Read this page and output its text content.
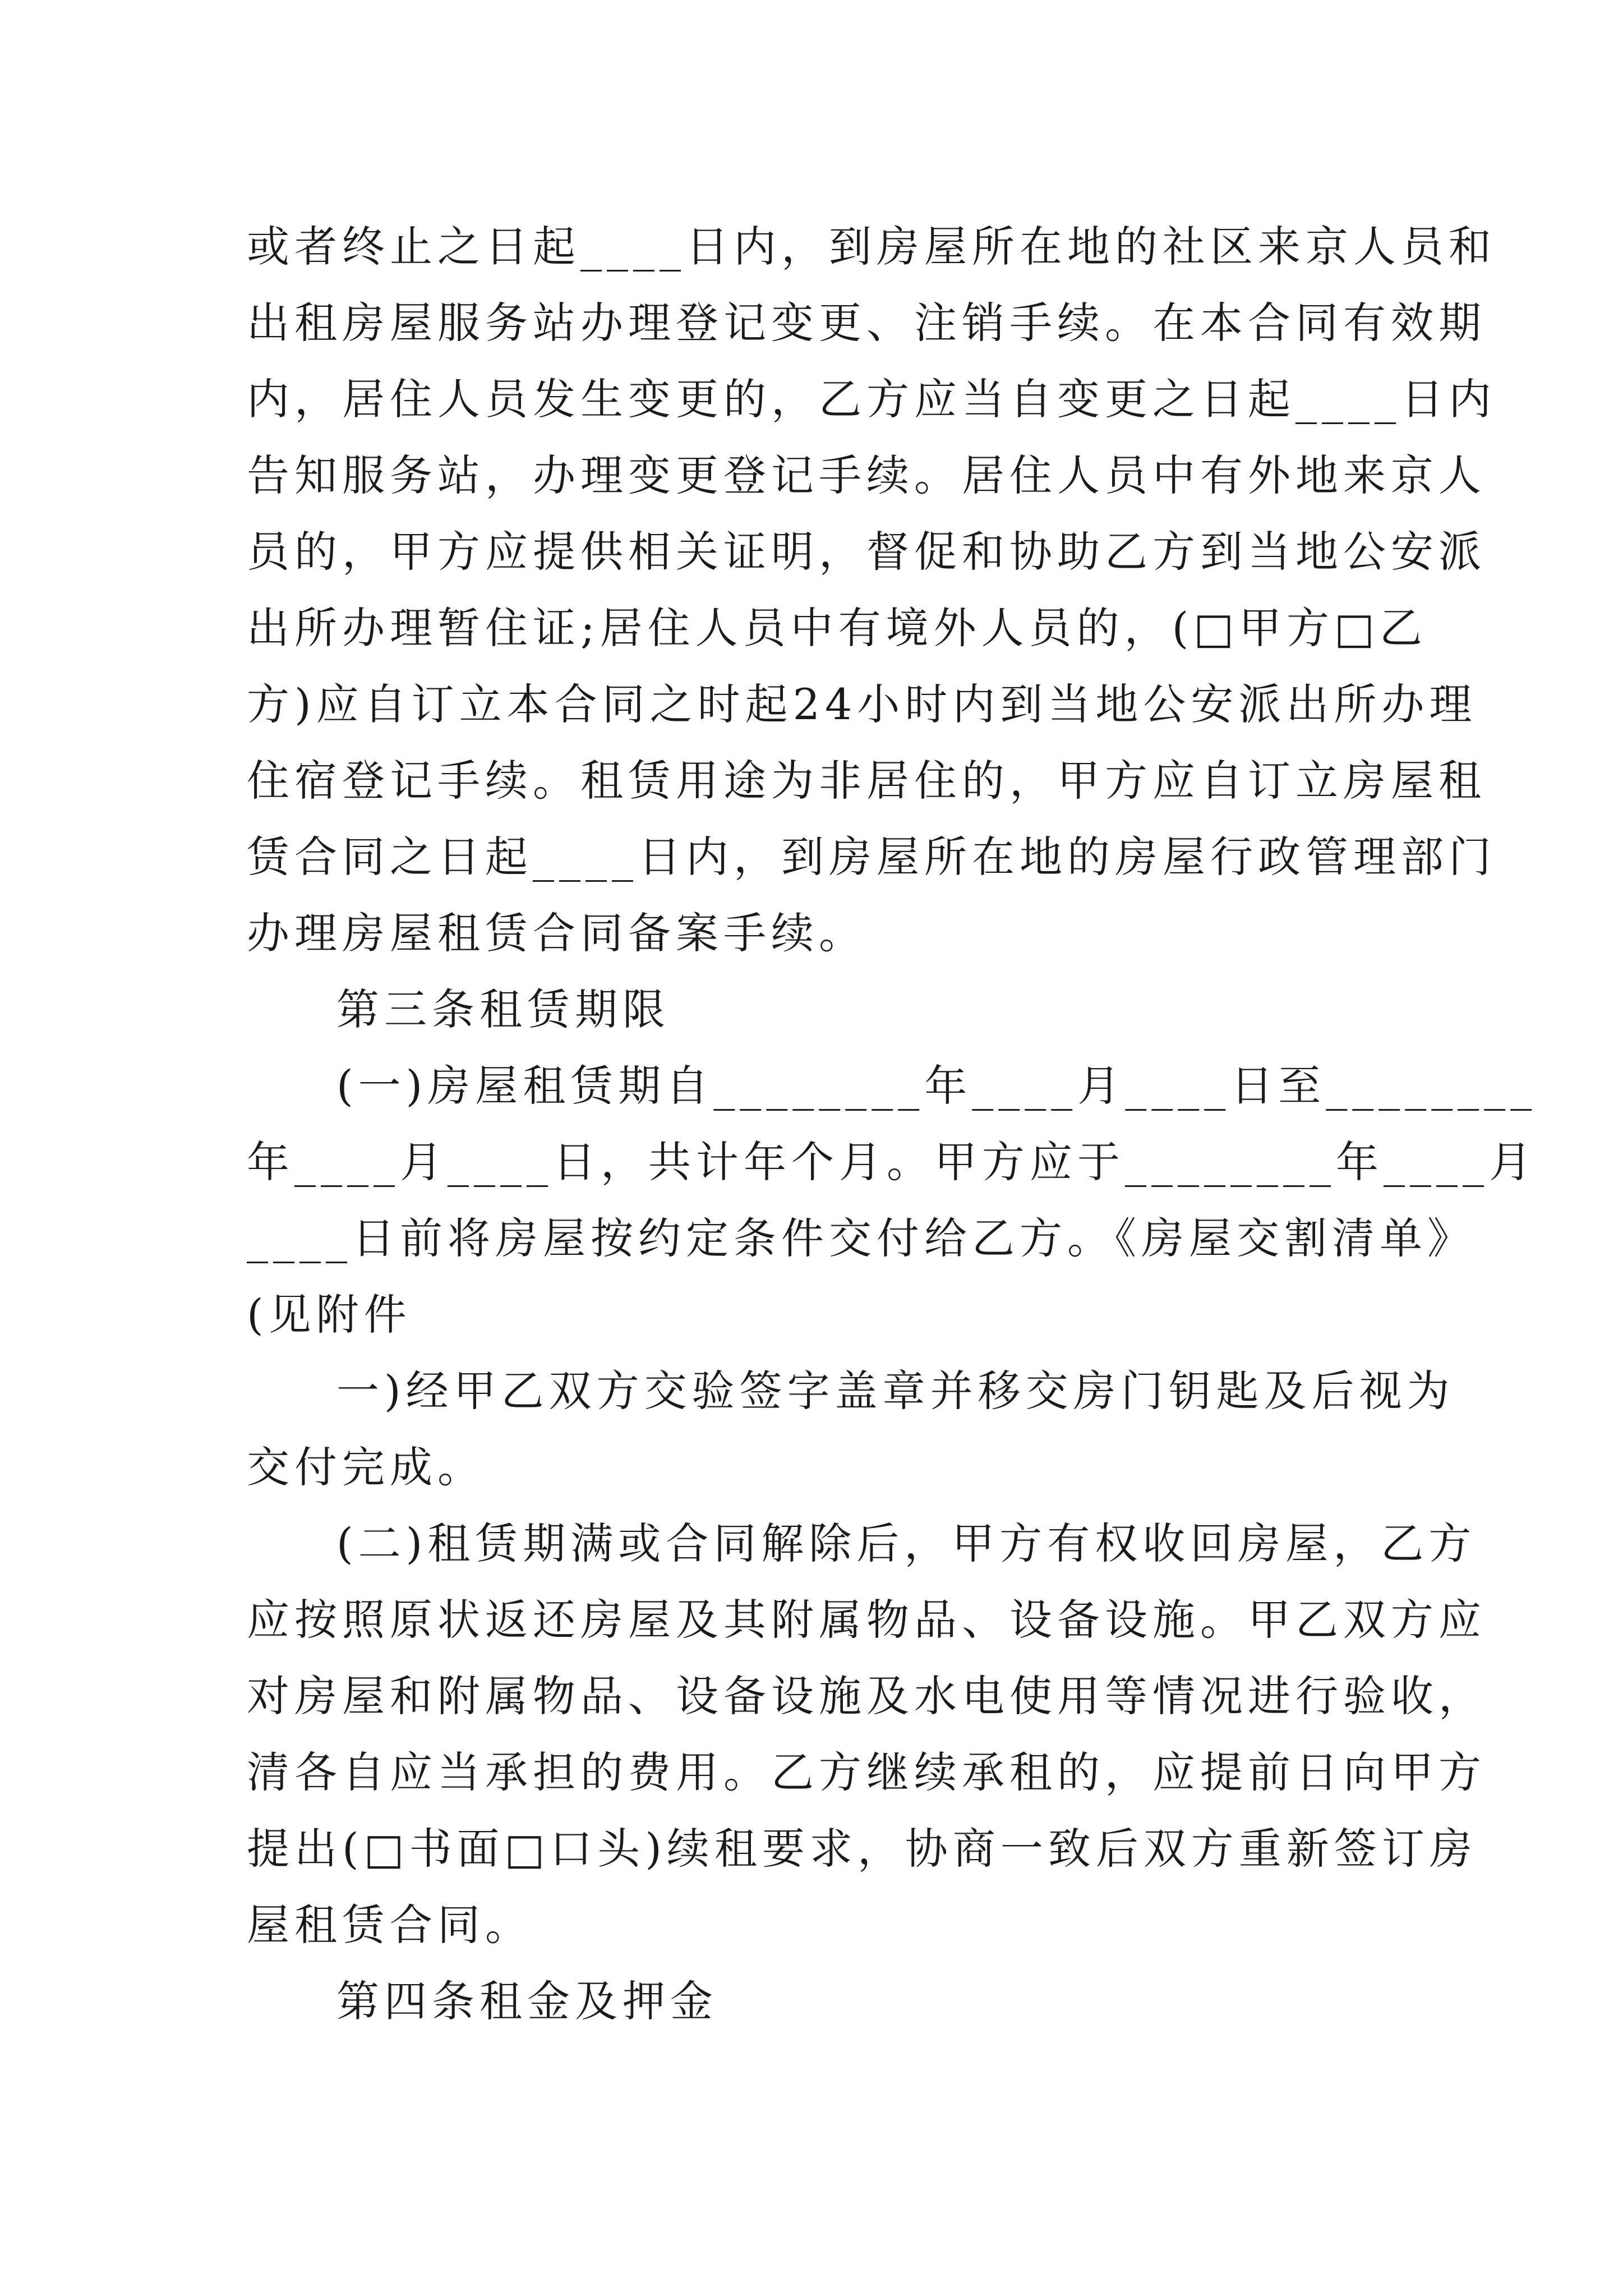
或者终止之日起____日内，到房屋所在地的社区来京人员和
出租房屋服务站办理登记变更、注销手续。在本合同有效期
内，居住人员发生变更的，乙方应当自变更之日起____日内
告知服务站，办理变更登记手续。居住人员中有外地来京人
员的，甲方应提供相关证明，督促和协助乙方到当地公安派
出所办理暂住证;居住人员中有境外人员的，(□甲方□乙
方)应自订立本合同之时起24小时内到当地公安派出所办理
住宿登记手续。租赁用途为非居住的，甲方应自订立房屋租
赁合同之日起____日内，到房屋所在地的房屋行政管理部门
办理房屋租赁合同备案手续。
第三条租赁期限
(一)房屋租赁期自________年____月____日至________
年____月____日，共计年个月。甲方应于________年____月
____日前将房屋按约定条件交付给乙方。《房屋交割清单》
(见附件
一)经甲乙双方交验签字盖章并移交房门钥匙及后视为
交付完成。
(二)租赁期满或合同解除后，甲方有权收回房屋，乙方
应按照原状返还房屋及其附属物品、设备设施。甲乙双方应
对房屋和附属物品、设备设施及水电使用等情况进行验收，
清各自应当承担的费用。乙方继续承租的，应提前日向甲方
提出(□书面□口头)续租要求，协商一致后双方重新签订房
屋租赁合同。
第四条租金及押金
